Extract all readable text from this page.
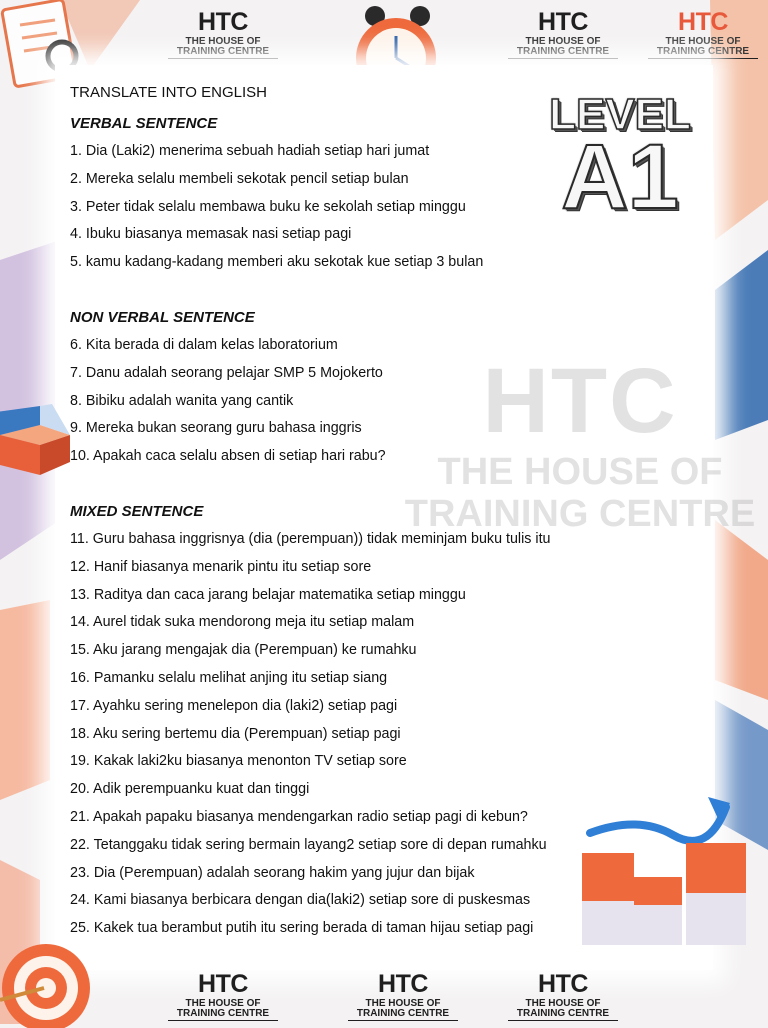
HTC
THE HOUSE OF
TRAINING CENTRE
HTC
THE HOUSE OF
TRAINING CENTRE
HTC
THE HOUSE OF
TRAINING CENTRE
HTC
THE HOUSE OF
TRAINING CENTRE
LEVEL
A1
HTC
THE HOUSE OF
TRAINING CENTRE
HTC
THE HOUSE OF
TRAINING CENTRE
HTC
THE HOUSE OF
TRAINING CENTRE
TRANSLATE INTO ENGLISH
VERBAL SENTENCE
1. Dia (Laki2) menerima sebuah hadiah setiap hari jumat
2. Mereka selalu membeli sekotak pencil setiap bulan
3. Peter tidak selalu membawa buku ke sekolah setiap minggu
4. Ibuku biasanya memasak nasi setiap pagi
5. kamu kadang-kadang memberi aku sekotak kue setiap 3 bulan
NON VERBAL SENTENCE
6. Kita berada di dalam kelas laboratorium
7. Danu adalah seorang pelajar SMP 5 Mojokerto
8. Bibiku adalah wanita yang cantik
9. Mereka bukan seorang guru bahasa inggris
10. Apakah caca selalu absen di setiap hari rabu?
MIXED SENTENCE
11. Guru bahasa inggrisnya (dia (perempuan)) tidak meminjam buku tulis itu
12. Hanif biasanya menarik pintu itu setiap sore
13. Raditya dan caca jarang belajar matematika setiap minggu
14. Aurel tidak suka mendorong meja itu setiap malam
15. Aku jarang mengajak dia (Perempuan) ke rumahku
16. Pamanku selalu melihat anjing itu setiap siang
17. Ayahku sering menelepon dia (laki2) setiap pagi
18. Aku sering bertemu dia (Perempuan) setiap pagi
19. Kakak laki2ku biasanya menonton TV setiap sore
20. Adik perempuanku kuat dan tinggi
21. Apakah papaku biasanya mendengarkan radio setiap pagi di kebun?
22. Tetanggaku tidak sering bermain layang2 setiap sore di depan rumahku
23. Dia (Perempuan) adalah seorang hakim yang jujur dan bijak
24. Kami biasanya berbicara dengan dia(laki2) setiap sore di puskesmas
25. Kakek tua berambut putih itu sering berada di taman hijau setiap pagi
